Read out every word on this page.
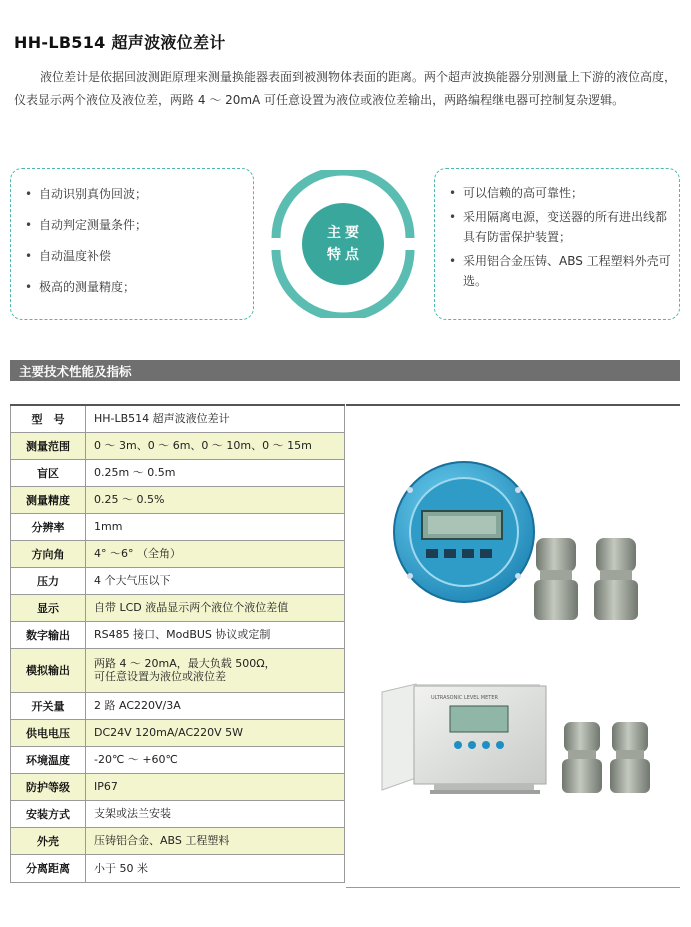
HH-LB514 超声波液位差计

液位差计是依据回波测距原理来测量换能器表面到被测物体表面的距离。两个超声波换能器分别测量上下游的液位高度，仪表显示两个液位及液位差，两路 4 ～ 20mA 可任意设置为液位或液位差输出，两路编程继电器可控制复杂逻辑。

• 自动识别真伪回波；
• 自动判定测量条件；
• 自动温度补偿
• 极高的测量精度；
主要
特点
• 可以信赖的高可靠性；
• 采用隔离电源，变送器的所有进出线都具有防雷保护装置；
• 采用铝合金压铸、ABS 工程塑料外壳可选。
主要技术性能及指标
型　号	HH-LB514 超声波液位差计
测量范围	0 ～ 3m、0 ～ 6m、0 ～ 10m、0 ～ 15m
盲区	0.25m ～ 0.5m
测量精度	0.25 ～ 0.5%
分辨率	1mm
方向角	4° ～6° （全角）
压力	4 个大气压以下
显示	自带 LCD 液晶显示两个液位个液位差值
数字输出	RS485 接口、ModBUS 协议或定制
模拟输出	两路 4 ～ 20mA，最大负载 500Ω，
可任意设置为液位或液位差

开关量	2 路 AC220V/3A
供电电压	DC24V 120mA/AC220V 5W
环境温度	-20℃ ～ +60℃
防护等级	IP67
安装方式	支架或法兰安装
外壳	压铸铝合金、ABS 工程塑料
分离距离	小于 50 米
ULTRASONIC LEVEL METER
